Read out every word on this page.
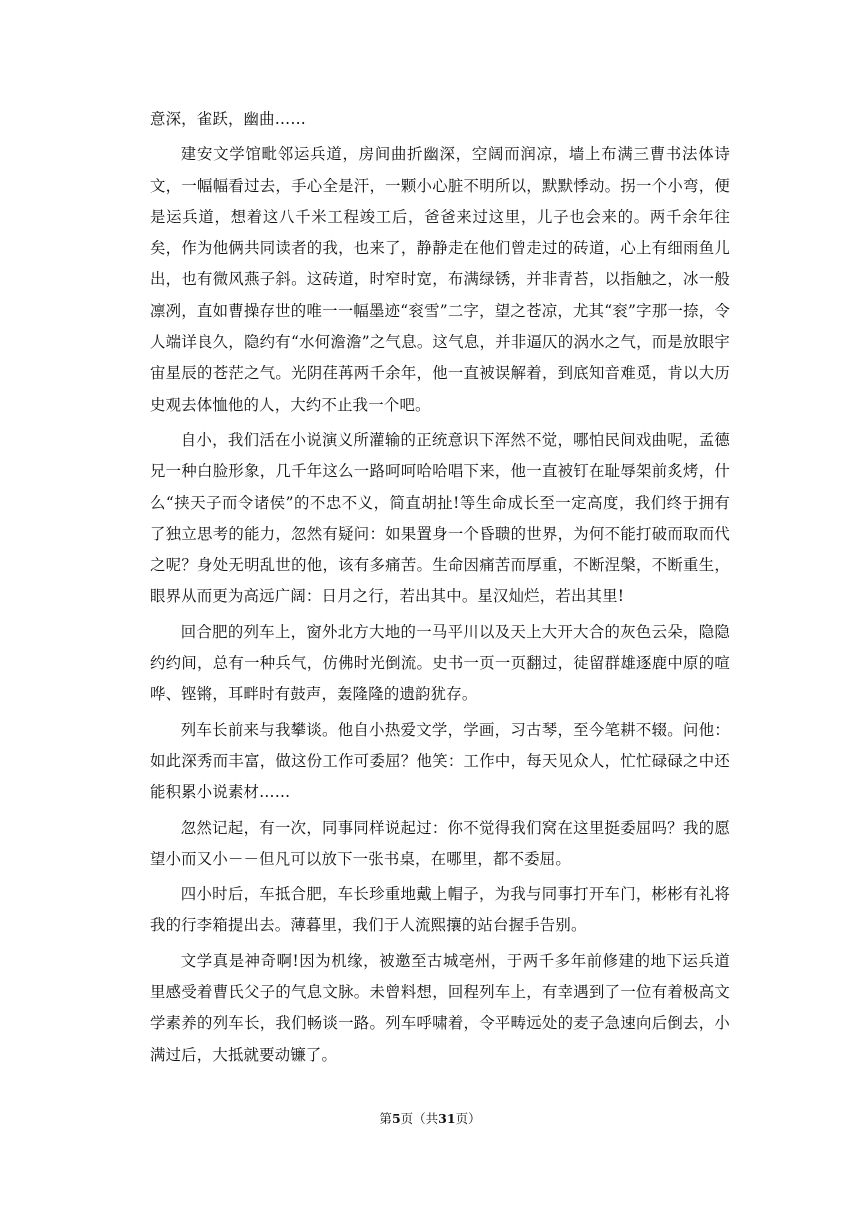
意深，雀跃，幽曲……

建安文学馆毗邻运兵道，房间曲折幽深，空阔而润凉，墙上布满三曹书法体诗文，一幅幅看过去，手心全是汗，一颗小心脏不明所以，默默悸动。拐一个小弯，便是运兵道，想着这八千米工程竣工后，爸爸来过这里，儿子也会来的。两千余年往矣，作为他俩共同读者的我，也来了，静静走在他们曾走过的砖道，心上有细雨鱼儿出，也有微风燕子斜。这砖道，时窄时宽，布满绿锈，并非青苔，以指触之，冰一般凛冽，直如曹操存世的唯一一幅墨迹“衮雪”二字，望之苍凉，尤其“衮”字那一捺，令人端详良久，隐约有“水何澹澹”之气息。这气息，并非逼仄的涡水之气，而是放眼宇宙星辰的苍茫之气。光阴荏苒两千余年，他一直被误解着，到底知音难觅，肯以大历史观去体恤他的人，大约不止我一个吧。

自小，我们活在小说演义所灌输的正统意识下浑然不觉，哪怕民间戏曲呢，孟德兄一种白脸形象，几千年这么一路呵呵哈哈唱下来，他一直被钉在耻辱架前炙烤，什么“挟天子而令诸侯”的不忠不义，简直胡扯!等生命成长至一定高度，我们终于拥有了独立思考的能力，忽然有疑问：如果置身一个昏聩的世界，为何不能打破而取而代之呢？身处无明乱世的他，该有多痛苦。生命因痛苦而厚重，不断涅槃，不断重生，眼界从而更为高远广阔：日月之行，若出其中。星汉灿烂，若出其里!

回合肥的列车上，窗外北方大地的一马平川以及天上大开大合的灰色云朵，隐隐约约间，总有一种兵气，仿佛时光倒流。史书一页一页翻过，徒留群雄逐鹿中原的喧哗、铿锵，耳畔时有鼓声，轰隆隆的遗韵犹存。

列车长前来与我攀谈。他自小热爱文学，学画，习古琴，至今笔耕不辍。问他：如此深秀而丰富，做这份工作可委屈？他笑：工作中，每天见众人，忙忙碌碌之中还能积累小说素材……

忽然记起，有一次，同事同样说起过：你不觉得我们窝在这里挺委屈吗？我的愿望小而又小－－但凡可以放下一张书桌，在哪里，都不委屈。

四小时后，车抵合肥，车长珍重地戴上帽子，为我与同事打开车门，彬彬有礼将我的行李箱提出去。薄暮里，我们于人流熙攘的站台握手告别。

文学真是神奇啊!因为机缘，被邀至古城亳州，于两千多年前修建的地下运兵道里感受着曹氏父子的气息文脉。未曾料想，回程列车上，有幸遇到了一位有着极高文学素养的列车长，我们畅谈一路。列车呼啸着，令平畴远处的麦子急速向后倒去，小满过后，大抵就要动镰了。

第5页（共31页）
